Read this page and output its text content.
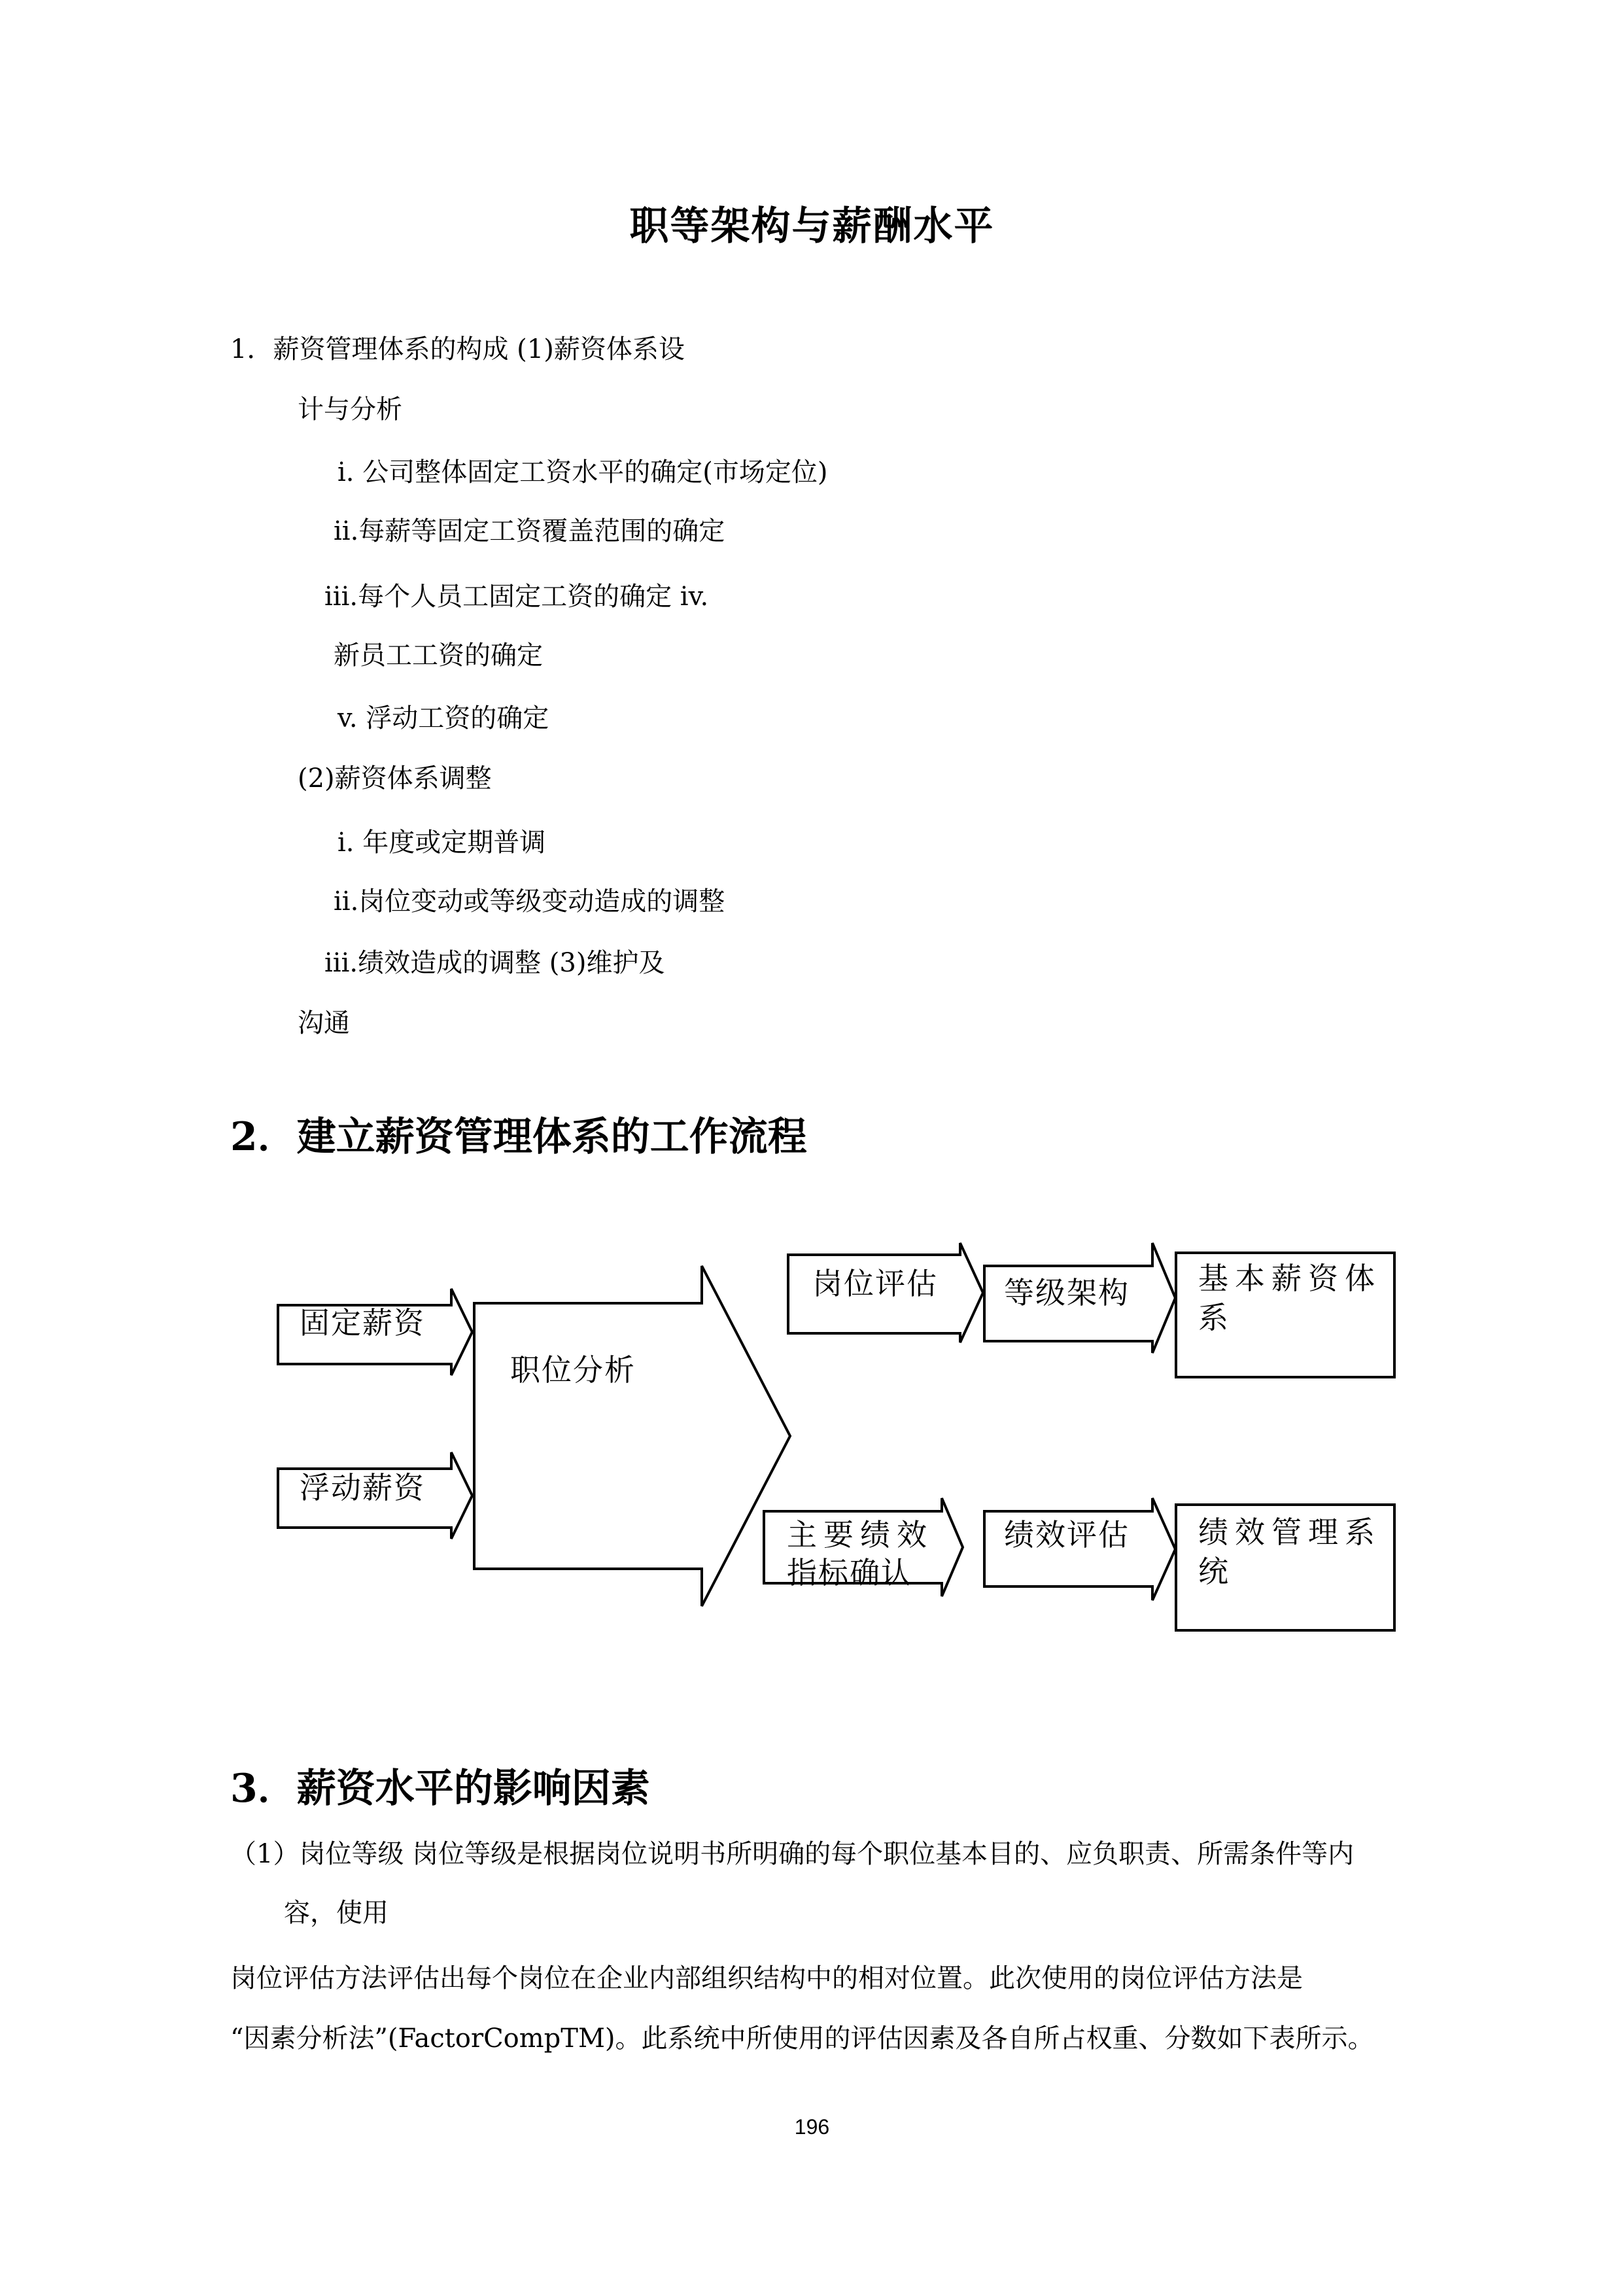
职等架构与薪酬水平
1．薪资管理体系的构成 (1)薪资体系设
计与分析
i. 公司整体固定工资水平的确定(市场定位)
ii.每薪等固定工资覆盖范围的确定
iii.每个人员工固定工资的确定 iv.
新员工工资的确定
v. 浮动工资的确定
(2)薪资体系调整
i. 年度或定期普调
ii.岗位变动或等级变动造成的调整
iii.绩效造成的调整 (3)维护及
沟通
2．建立薪资管理体系的工作流程
固定薪资
浮动薪资
职位分析
岗位评估 等级架构 基本薪资体
系
主要绩效
指标确认
绩效评估 绩效管理系
统
3．薪资水平的影响因素
（1）岗位等级 岗位等级是根据岗位说明书所明确的每个职位基本目的、应负职责、所需条件等内
容，使用
岗位评估方法评估出每个岗位在企业内部组织结构中的相对位置。此次使用的岗位评估方法是
“因素分析法”(FactorCompTM)。此系统中所使用的评估因素及各自所占权重、分数如下表所示。
196
